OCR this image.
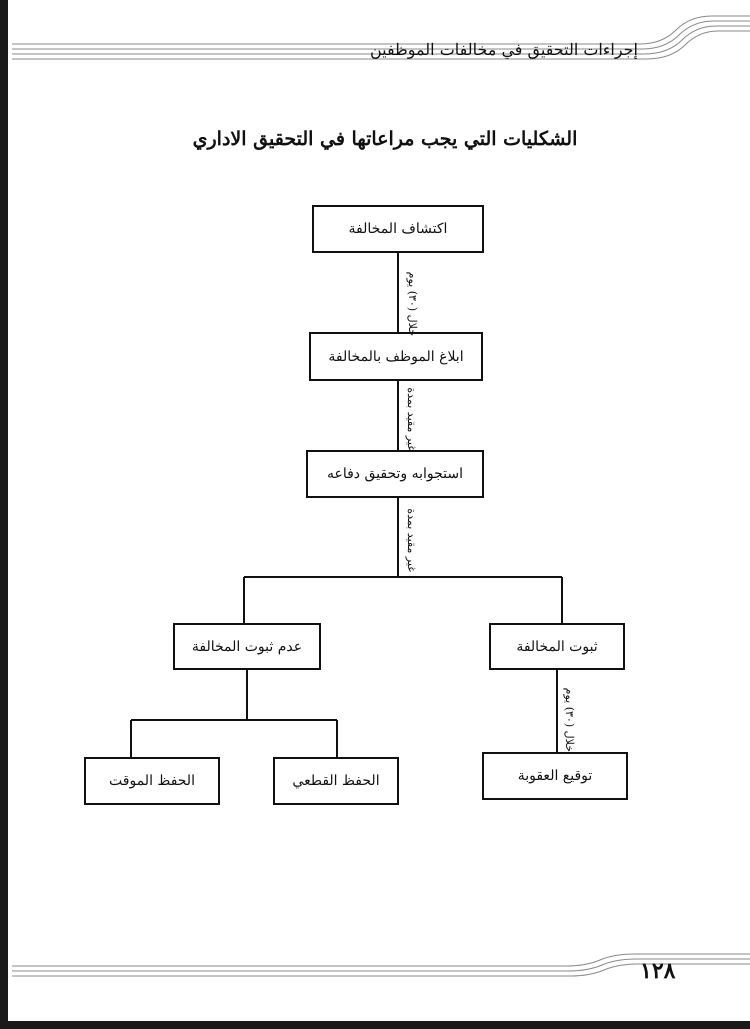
إجراءات التحقيق في مخالفات الموظفين
الشكليات التي يجب مراعاتها في التحقيق الاداري
اكتشاف المخالفة
ابلاغ الموظف بالمخالفة
استجوابه وتحقيق دفاعه
عدم ثبوت المخالفة	ثبوت المخالفة
الحفظ الموقت	الحفظ القطعي	توقيع العقوبة
خلال (٣٠) يوم
غير مقيد بمدة
غير مقيد بمدة
خلال (٣٠) يوم
١٢٨
